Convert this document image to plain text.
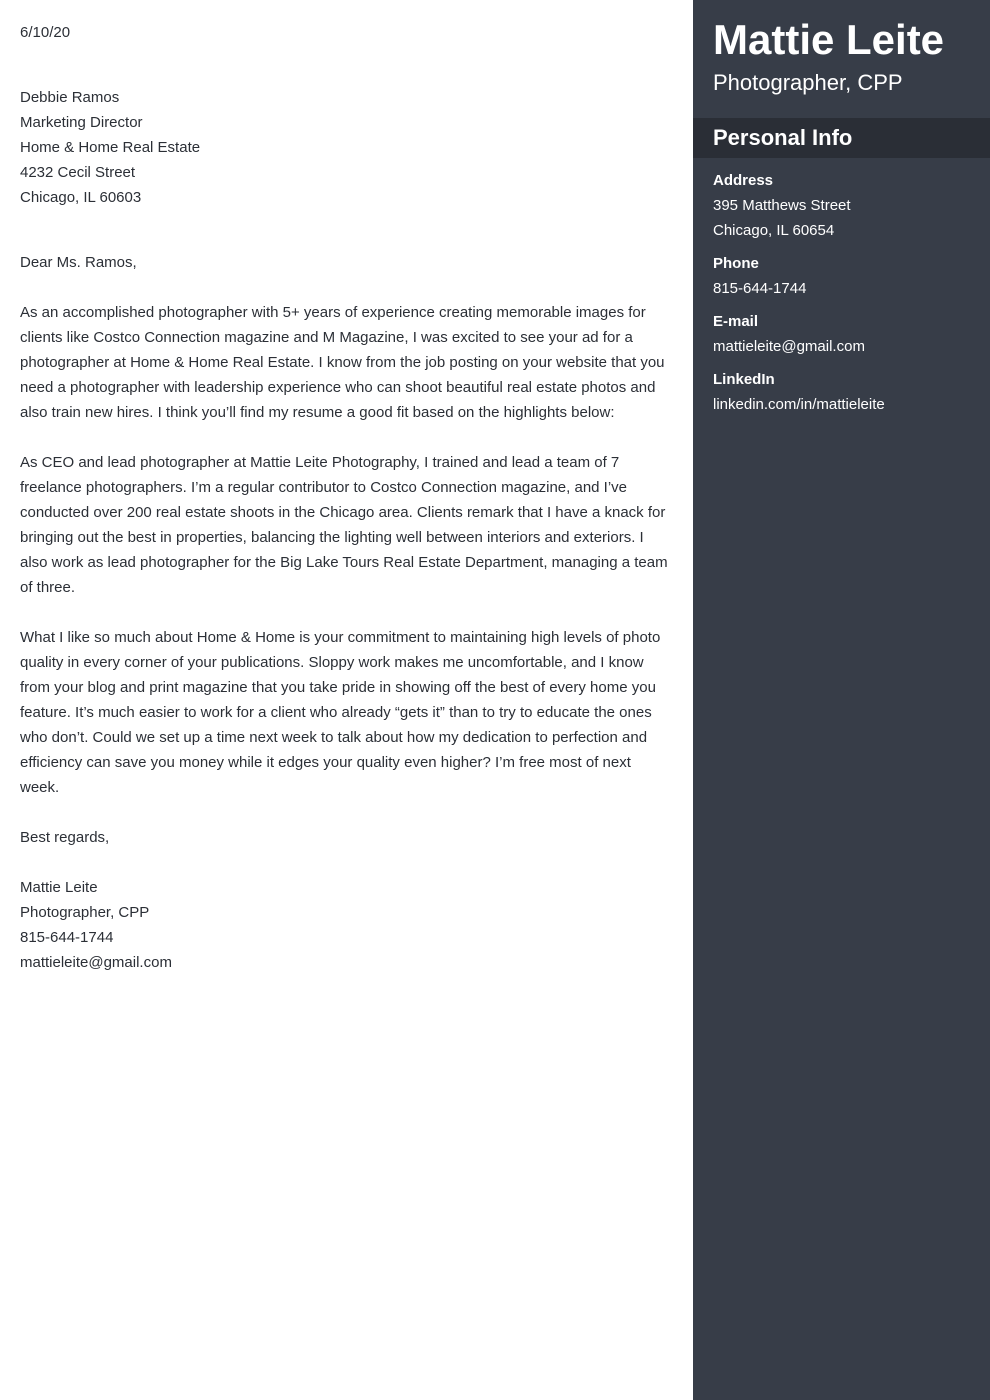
6/10/20

Debbie Ramos
Marketing Director
Home & Home Real Estate
4232 Cecil Street
Chicago, IL 60603

Dear Ms. Ramos,

As an accomplished photographer with 5+ years of experience creating memorable images for clients like Costco Connection magazine and M Magazine, I was excited to see your ad for a photographer at Home & Home Real Estate. I know from the job posting on your website that you need a photographer with leadership experience who can shoot beautiful real estate photos and also train new hires. I think you’ll find my resume a good fit based on the highlights below:

As CEO and lead photographer at Mattie Leite Photography, I trained and lead a team of 7 freelance photographers. I’m a regular contributor to Costco Connection magazine, and I’ve conducted over 200 real estate shoots in the Chicago area. Clients remark that I have a knack for bringing out the best in properties, balancing the lighting well between interiors and exteriors. I also work as lead photographer for the Big Lake Tours Real Estate Department, managing a team of three.

What I like so much about Home & Home is your commitment to maintaining high levels of photo quality in every corner of your publications. Sloppy work makes me uncomfortable, and I know from your blog and print magazine that you take pride in showing off the best of every home you feature. It’s much easier to work for a client who already “gets it” than to try to educate the ones who don’t. Could we set up a time next week to talk about how my dedication to perfection and efficiency can save you money while it edges your quality even higher? I’m free most of next week.

Best regards,

Mattie Leite
Photographer, CPP
815-644-1744
mattieleite@gmail.com
Mattie Leite
Photographer, CPP
Personal Info
Address
395 Matthews Street
Chicago, IL 60654
Phone
815-644-1744
E-mail
mattieleite@gmail.com
LinkedIn
linkedin.com/in/mattieleite
